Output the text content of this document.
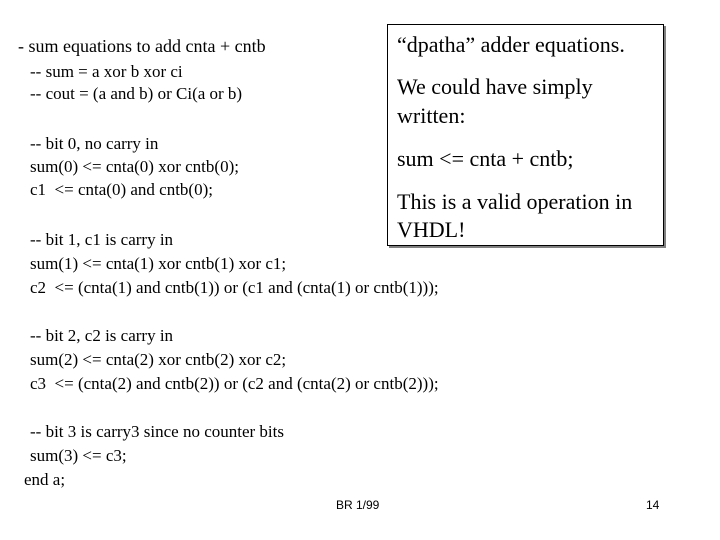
- sum equations to add cnta + cntb
-- sum = a xor b xor ci
-- cout = (a and b) or Ci(a or b)
-- bit 0, no carry in
sum(0) <= cnta(0) xor cntb(0);
c1  <= cnta(0) and cntb(0);
-- bit 1, c1 is carry in
sum(1) <= cnta(1) xor cntb(1) xor c1;
c2  <= (cnta(1) and cntb(1)) or (c1 and (cnta(1) or cntb(1)));
-- bit 2, c2 is carry in
sum(2) <= cnta(2) xor cntb(2) xor c2;
c3  <= (cnta(2) and cntb(2)) or (c2 and (cnta(2) or cntb(2)));
-- bit 3 is carry3 since no counter bits
sum(3) <= c3;
end a;
“dpatha” adder equations.
We could have simply
written:
sum <= cnta + cntb;
This is a valid operation in
VHDL!
BR 1/99	14
